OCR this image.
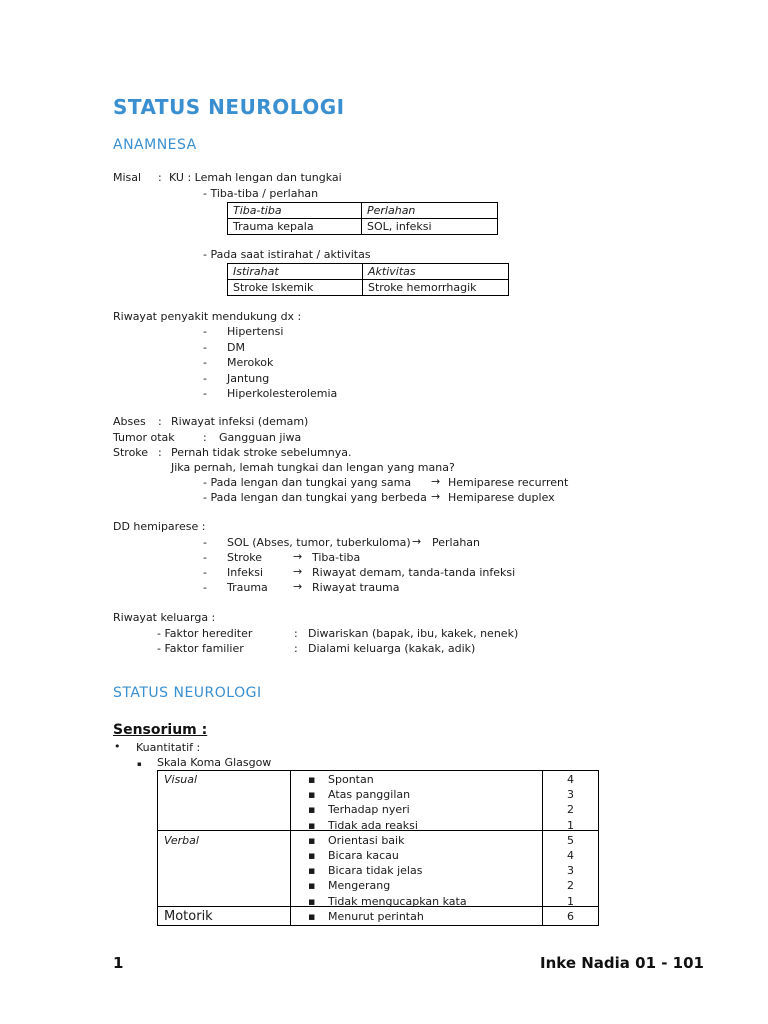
STATUS NEUROLOGI
ANAMNESA
Misal : KU : Lemah lengan dan tungkai
- Tiba-tiba / perlahan
Tiba-tiba	Perlahan
Trauma kepala	SOL, infeksi
- Pada saat istirahat / aktivitas
Istirahat	Aktivitas
Stroke Iskemik	Stroke hemorrhagik
Riwayat penyakit mendukung dx :
- Hipertensi
- DM
- Merokok
- Jantung
- Hiperkolesterolemia
Abses : Riwayat infeksi (demam)
Tumor otak	: Gangguan jiwa
Stroke : Pernah tidak stroke sebelumnya.
Jika pernah, lemah tungkai dan lengan yang mana?
- Pada lengan dan tungkai yang sama → Hemiparese recurrent
- Pada lengan dan tungkai yang berbeda → Hemiparese duplex
DD hemiparese :
- SOL (Abses, tumor, tuberkuloma) → Perlahan
- Stroke	→ Tiba-tiba
- Infeksi	→ Riwayat demam, tanda-tanda infeksi
- Trauma → Riwayat trauma
Riwayat keluarga :
- Faktor herediter	: Diwariskan (bapak, ibu, kakek, nenek)
- Faktor familier	: Dialami keluarga (kakak, adik)
STATUS NEUROLOGI
Sensorium :
• Kuantitatif :
▪ Skala Koma Glasgow
Visual	▪ Spontan	4
▪ Atas panggilan	3
▪ Terhadap nyeri	2
▪ Tidak ada reaksi	1
Verbal	▪ Orientasi baik	5
▪ Bicara kacau	4
▪ Bicara tidak jelas	3
▪ Mengerang	2
▪ Tidak mengucapkan kata	1
Motorik	▪ Menurut perintah	6
1	Inke Nadia 01 - 101
